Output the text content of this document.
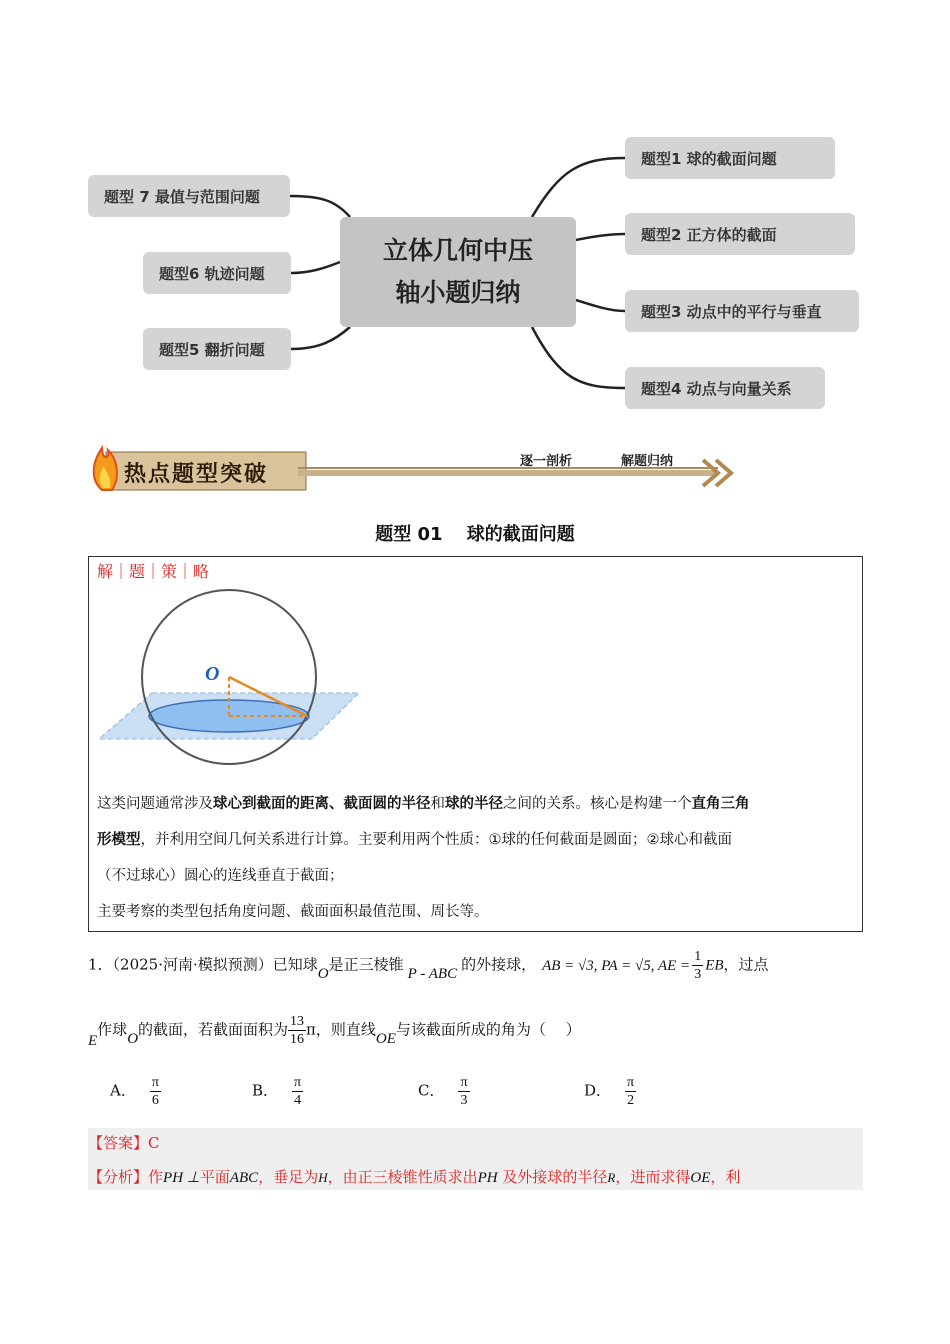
立体几何中压
轴小题归纳
题型1 球的截面问题
题型2 正方体的截面
题型3 动点中的平行与垂直
题型4 动点与向量关系
题型 7 最值与范围问题
题型6 轨迹问题
题型5 翻折问题
热点题型突破	逐一剖析	解题归纳
题型 01　 球的截面问题
解｜题｜策｜略
O
这类问题通常涉及球心到截面的距离、截面圆的半径和球的半径之间的关系。核心是构建一个直角三角
形模型，并利用空间几何关系进行计算。主要利用两个性质：①球的任何截面是圆面；②球心和截面
（不过球心）圆心的连线垂直于截面；
主要考察的类型包括角度问题、截面面积最值范围、周长等。
1．（2025·河南·模拟预测）已知球O是正三棱锥 P - ABC 的外接球， AB = √3, PA = √5, AE = $\frac{1}{3}$ EB，过点
E作球O的截面，若截面面积为 $\frac{13}{16}$ π，则直线OE与该截面所成的角为（　 ）
A． $\frac{\pi}{6}$	B． $\frac{\pi}{4}$	C． $\frac{\pi}{3}$	D． $\frac{\pi}{2}$
【答案】C
【分析】作PH ⊥平面ABC，垂足为H，由正三棱锥性质求出PH 及外接球的半径R，进而求得OE，利
